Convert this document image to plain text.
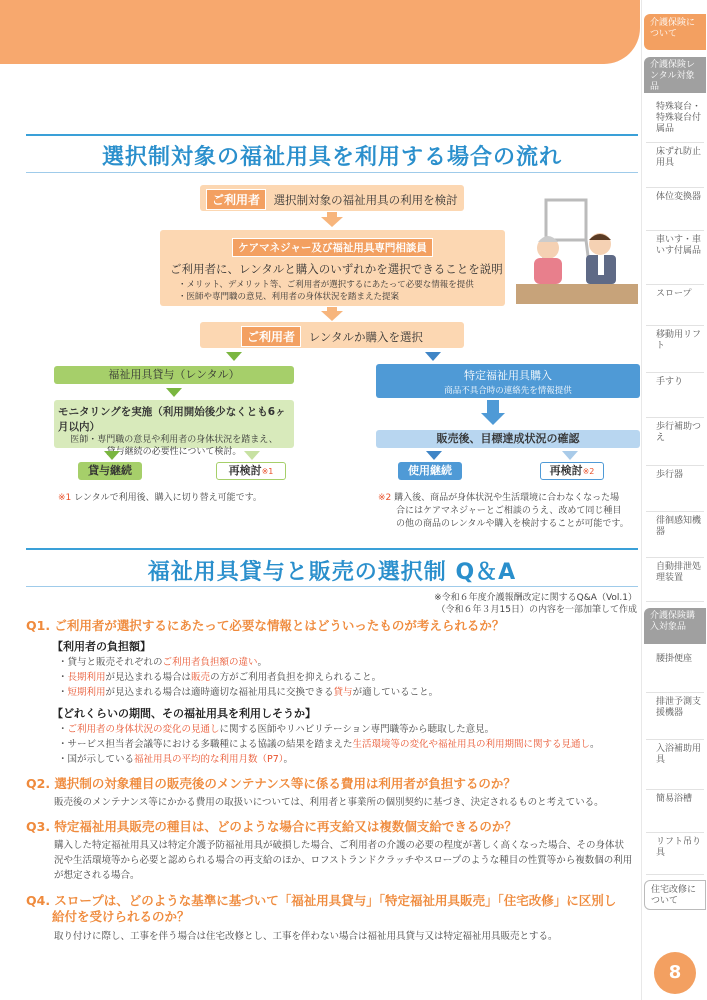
介護保険について
介護保険レンタル対象品
介護保険購入対象品
住宅改修について
特殊寝台・特殊寝台付属品
床ずれ防止用具
体位変換器
車いす・車いす付属品
スロープ
移動用リフト
手すり
歩行補助つえ
歩行器
徘徊感知機器
自動排泄処理装置
腰掛便座
排泄予測支援機器
入浴補助用具
簡易浴槽
リフト吊り具
8
選択制対象の福祉用具を利用する場合の流れ
ご利用者 選択制対象の福祉用具の利用を検討
ケアマネジャー及び福祉用具専門相談員
ご利用者に、レンタルと購入のいずれかを選択できることを説明
・メリット、デメリット等、ご利用者が選択するにあたって必要な情報を提供
・医師や専門職の意見、利用者の身体状況を踏まえた提案
ご利用者 レンタルか購入を選択
福祉用具貸与（レンタル）
モニタリングを実施（利用開始後少なくとも6ヶ月以内）
医師・専門職の意見や利用者の身体状況を踏まえ、
貸与継続の必要性について検討。
貸与継続	再検討※1
特定福祉用具購入
商品不具合時の連絡先を情報提供
販売後、目標達成状況の確認
使用継続	再検討※2
※1 レンタルで利用後、購入に切り替え可能です。	※2 購入後、商品が身体状況や生活環境に合わなくなった場
合にはケアマネジャーとご相談のうえ、改めて同じ種目
の他の商品のレンタルや購入を検討することが可能です。
福祉用具貸与と販売の選択制 Q＆A
※令和６年度介護報酬改定に関するQ&A（Vol.1）
（令和６年３月15日）の内容を一部加筆して作成
Q1. ご利用者が選択するにあたって必要な情報とはどういったものが考えられるか？
【利用者の負担額】
・貸与と販売それぞれのご利用者負担額の違い。
・長期利用が見込まれる場合は販売の方がご利用者負担を抑えられること。
・短期利用が見込まれる場合は適時適切な福祉用具に交換できる貸与が適していること。
【どれくらいの期間、その福祉用具を利用しそうか】
・ご利用者の身体状況の変化の見通しに関する医師やリハビリテーション専門職等から聴取した意見。
・サービス担当者会議等における多職種による協議の結果を踏まえた生活環境等の変化や福祉用具の利用期間に関する見通し。
・国が示している福祉用具の平均的な利用月数（P7）。
Q2. 選択制の対象種目の販売後のメンテナンス等に係る費用は利用者が負担するのか？
販売後のメンテナンス等にかかる費用の取扱いについては、利用者と事業所の個別契約に基づき、決定されるものと考えている。
Q3. 特定福祉用具販売の種目は、どのような場合に再支給又は複数個支給できるのか？
購入した特定福祉用具又は特定介護予防福祉用具が破損した場合、ご利用者の介護の必要の程度が著しく高くなった場合、その身体状
況や生活環境等から必要と認められる場合の再支給のほか、ロフストランドクラッチやスロープのような種目の性質等から複数個の利用
が想定される場合。
Q4. スロープは、どのような基準に基づいて「福祉用具貸与」「特定福祉用具販売」「住宅改修」に区別し
給付を受けられるのか？
取り付けに際し、工事を伴う場合は住宅改修とし、工事を伴わない場合は福祉用具貸与又は特定福祉用具販売とする。
